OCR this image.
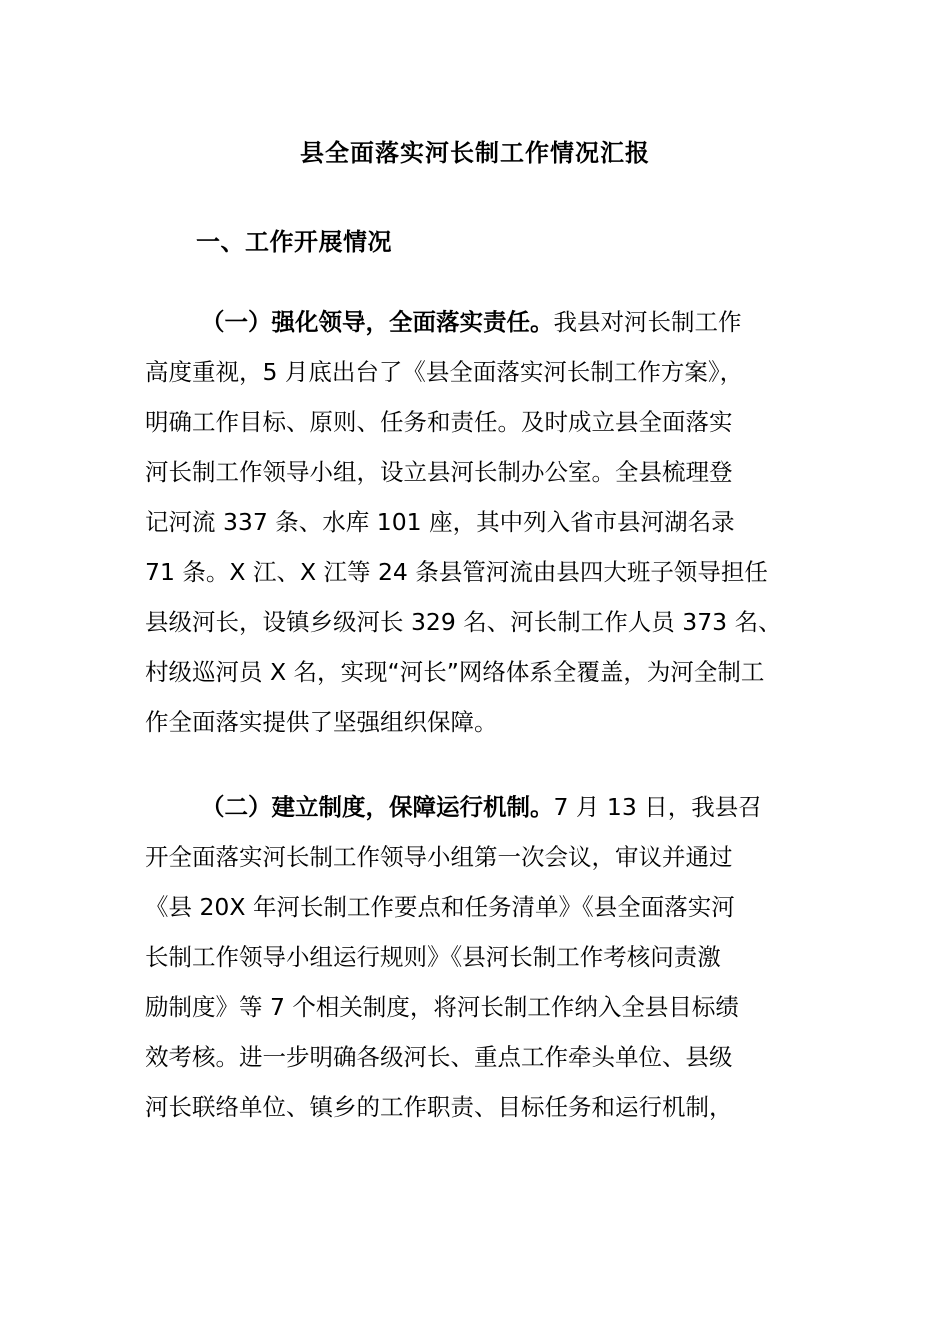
县全面落实河长制工作情况汇报
一、工作开展情况
（一）强化领导，全面落实责任。我县对河长制工作
高度重视，5 月底出台了《县全面落实河长制工作方案》，
明确工作目标、原则、任务和责任。及时成立县全面落实
河长制工作领导小组，设立县河长制办公室。全县梳理登
记河流 337 条、水库 101 座，其中列入省市县河湖名录
71 条。X 江、X 江等 24 条县管河流由县四大班子领导担任
县级河长，设镇乡级河长 329 名、河长制工作人员 373 名、
村级巡河员 X 名，实现“河长”网络体系全覆盖，为河全制工
作全面落实提供了坚强组织保障。
（二）建立制度，保障运行机制。7 月 13 日，我县召
开全面落实河长制工作领导小组第一次会议，审议并通过
《县 20X 年河长制工作要点和任务清单》《县全面落实河
长制工作领导小组运行规则》《县河长制工作考核问责激
励制度》等 7 个相关制度，将河长制工作纳入全县目标绩
效考核。进一步明确各级河长、重点工作牵头单位、县级
河长联络单位、镇乡的工作职责、目标任务和运行机制，
